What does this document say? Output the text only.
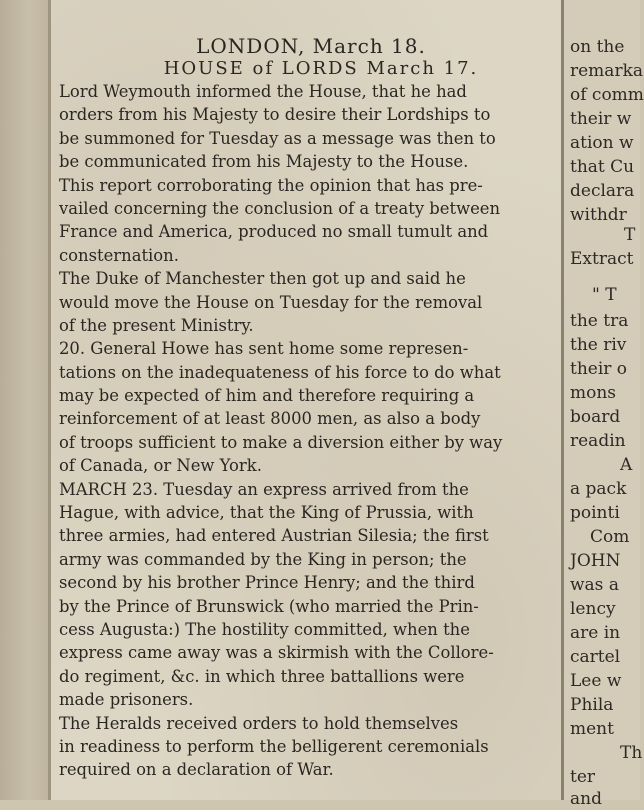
LONDON, March 18.
HOUSE of LORDS March 17.
Lord Weymouth informed the House, that he had
orders from his Majesty to desire their Lordships to
be summoned for Tuesday as a message was then to
be communicated from his Majesty to the House.
This report corroborating the opinion that has pre-
vailed concerning the conclusion of a treaty between
France and America, produced no small tumult and
consternation.
The Duke of Manchester then got up and said he
would move the House on Tuesday for the removal
of the present Ministry.
20. General Howe has sent home some represen-
tations on the inadequateness of his force to do what
may be expected of him and therefore requiring a
reinforcement of at least 8000 men, as also a body
of troops sufficient to make a diversion either by way
of Canada, or New York.
MARCH 23. Tuesday an express arrived from the
Hague, with advice, that the King of Prussia, with
three armies, had entered Austrian Silesia; the first
army was commanded by the King in person; the
second by his brother Prince Henry; and the third
by the Prince of Brunswick (who married the Prin-
cess Augusta:) The hostility committed, when the
express came away was a skirmish with the Collore-
do regiment, &c. in which three battallions were
made prisoners.
The Heralds received orders to hold themselves
in readiness to perform the belligerent ceremonials
required on a declaration of War.
on the
remarka
of comm
their w
ation w
that Cu
declara
withdr
T
Extract
" T
the tra
the riv
their o
mons
board
readin
A
a pack
pointi
Com
JOHN
was a
lency
are in
cartel
Lee w
Phila
ment
Th
ter
and
